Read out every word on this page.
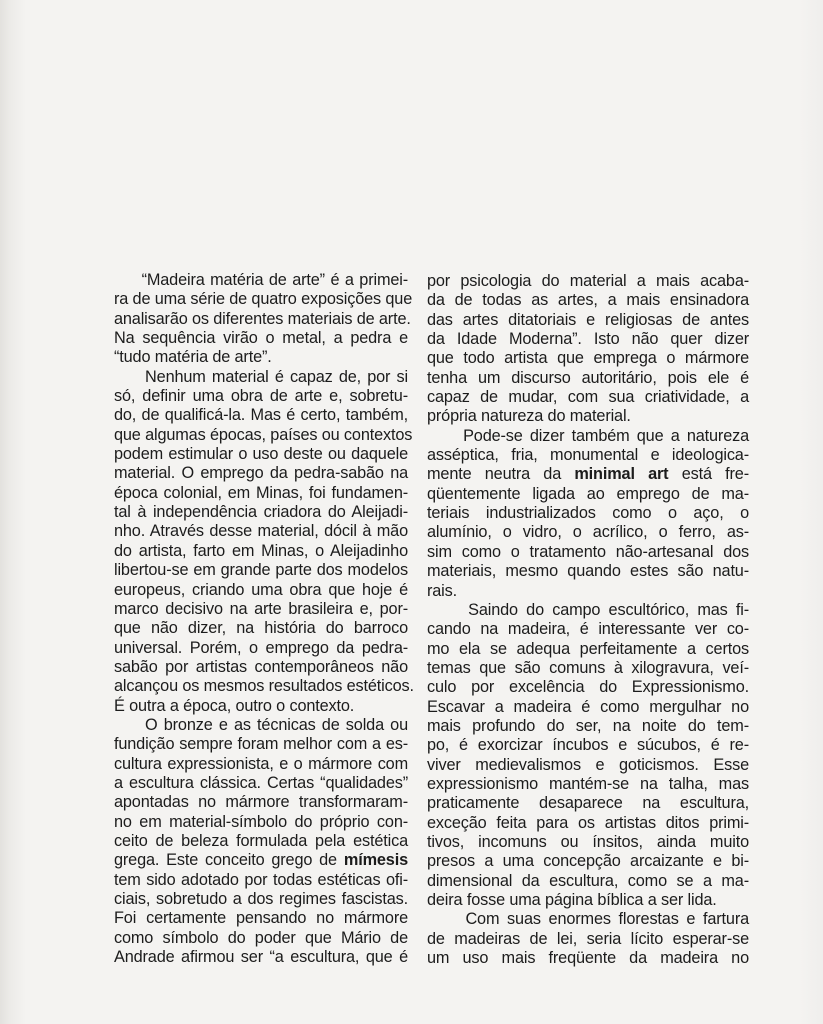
“Madeira matéria de arte” é a primei-
ra de uma série de quatro exposições que
analisarão os diferentes materiais de arte.
Na sequência virão o metal, a pedra e
“tudo matéria de arte”.
Nenhum material é capaz de, por si
só, definir uma obra de arte e, sobretu-
do, de qualificá-la. Mas é certo, também,
que algumas épocas, países ou contextos
podem estimular o uso deste ou daquele
material. O emprego da pedra-sabão na
época colonial, em Minas, foi fundamen-
tal à independência criadora do Aleijadi-
nho. Através desse material, dócil à mão
do artista, farto em Minas, o Aleijadinho
libertou-se em grande parte dos modelos
europeus, criando uma obra que hoje é
marco decisivo na arte brasileira e, por-
que não dizer, na história do barroco
universal. Porém, o emprego da pedra-
sabão por artistas contemporâneos não
alcançou os mesmos resultados estéticos.
É outra a época, outro o contexto.
O bronze e as técnicas de solda ou
fundição sempre foram melhor com a es-
cultura expressionista, e o mármore com
a escultura clássica. Certas “qualidades”
apontadas no mármore transformaram-
no em material-símbolo do próprio con-
ceito de beleza formulada pela estética
grega. Este conceito grego de mímesis
tem sido adotado por todas estéticas ofi-
ciais, sobretudo a dos regimes fascistas.
Foi certamente pensando no mármore
como símbolo do poder que Mário de
Andrade afirmou ser “a escultura, que é
por psicologia do material a mais acaba-
da de todas as artes, a mais ensinadora
das artes ditatoriais e religiosas de antes
da Idade Moderna”. Isto não quer dizer
que todo artista que emprega o mármore
tenha um discurso autoritário, pois ele é
capaz de mudar, com sua criatividade, a
própria natureza do material.
Pode-se dizer também que a natureza
asséptica, fria, monumental e ideologica-
mente neutra da minimal art está fre-
qüentemente ligada ao emprego de ma-
teriais industrializados como o aço, o
alumínio, o vidro, o acrílico, o ferro, as-
sim como o tratamento não-artesanal dos
materiais, mesmo quando estes são natu-
rais.
Saindo do campo escultórico, mas fi-
cando na madeira, é interessante ver co-
mo ela se adequa perfeitamente a certos
temas que são comuns à xilogravura, veí-
culo por excelência do Expressionismo.
Escavar a madeira é como mergulhar no
mais profundo do ser, na noite do tem-
po, é exorcizar íncubos e súcubos, é re-
viver medievalismos e goticismos. Esse
expressionismo mantém-se na talha, mas
praticamente desaparece na escultura,
exceção feita para os artistas ditos primi-
tivos, incomuns ou ínsitos, ainda muito
presos a uma concepção arcaizante e bi-
dimensional da escultura, como se a ma-
deira fosse uma página bíblica a ser lida.
Com suas enormes florestas e fartura
de madeiras de lei, seria lícito esperar-se
um uso mais freqüente da madeira no
